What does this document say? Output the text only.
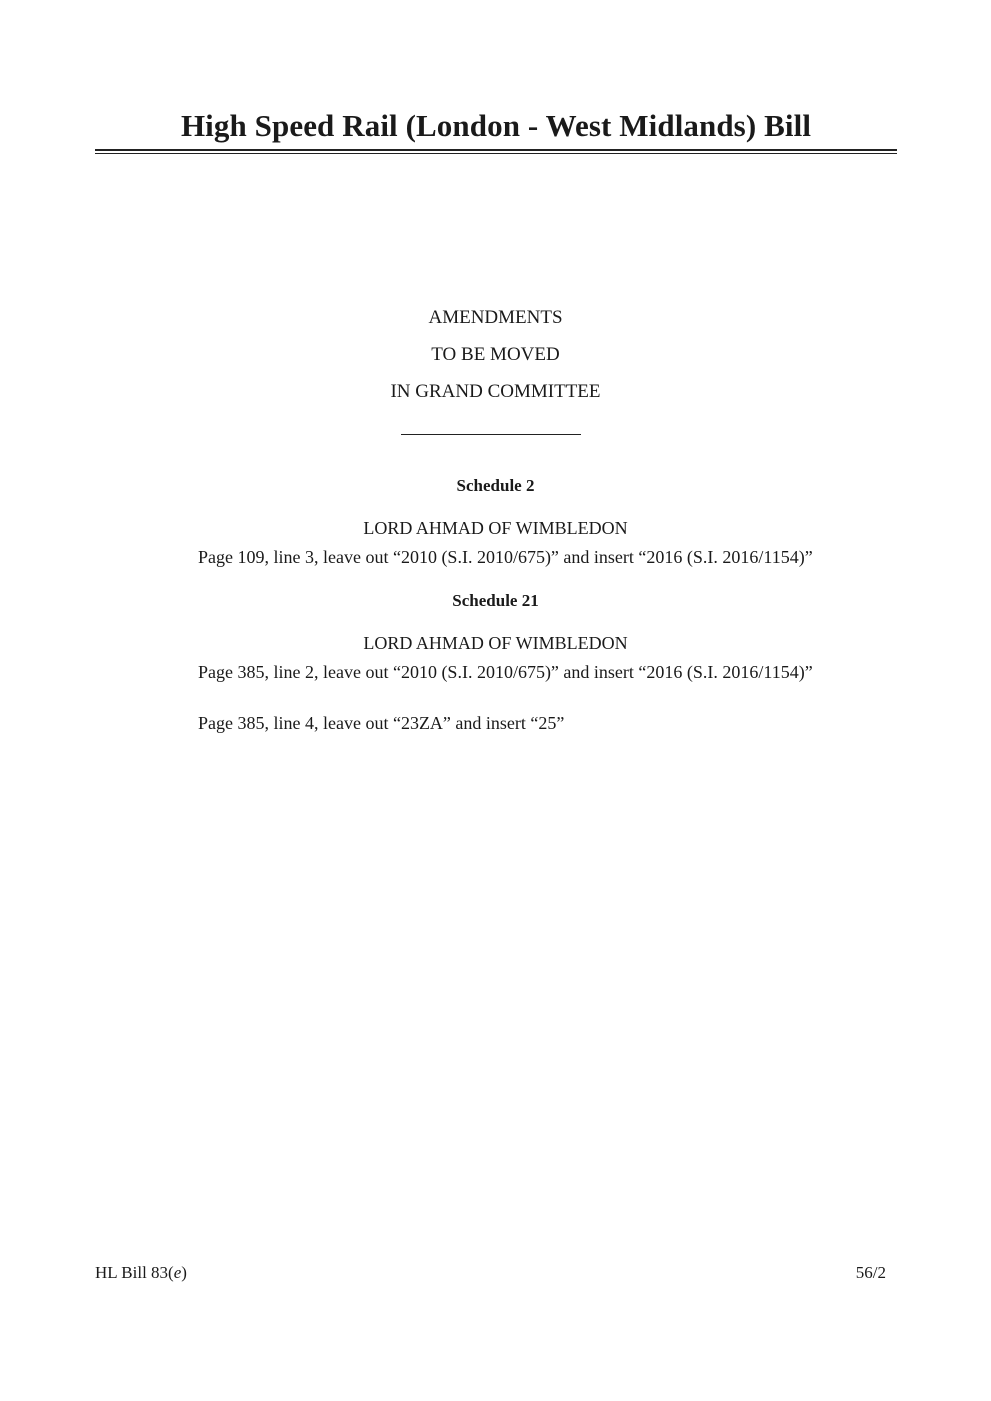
High Speed Rail (London - West Midlands) Bill
AMENDMENTS
TO BE MOVED
IN GRAND COMMITTEE
Schedule 2
LORD AHMAD OF WIMBLEDON
Page 109, line 3, leave out “2010 (S.I. 2010/675)” and insert “2016 (S.I. 2016/1154)”
Schedule 21
LORD AHMAD OF WIMBLEDON
Page 385, line 2, leave out “2010 (S.I. 2010/675)” and insert “2016 (S.I. 2016/1154)”
Page 385, line 4, leave out “23ZA” and insert “25”
HL Bill 83(e)	56/2
